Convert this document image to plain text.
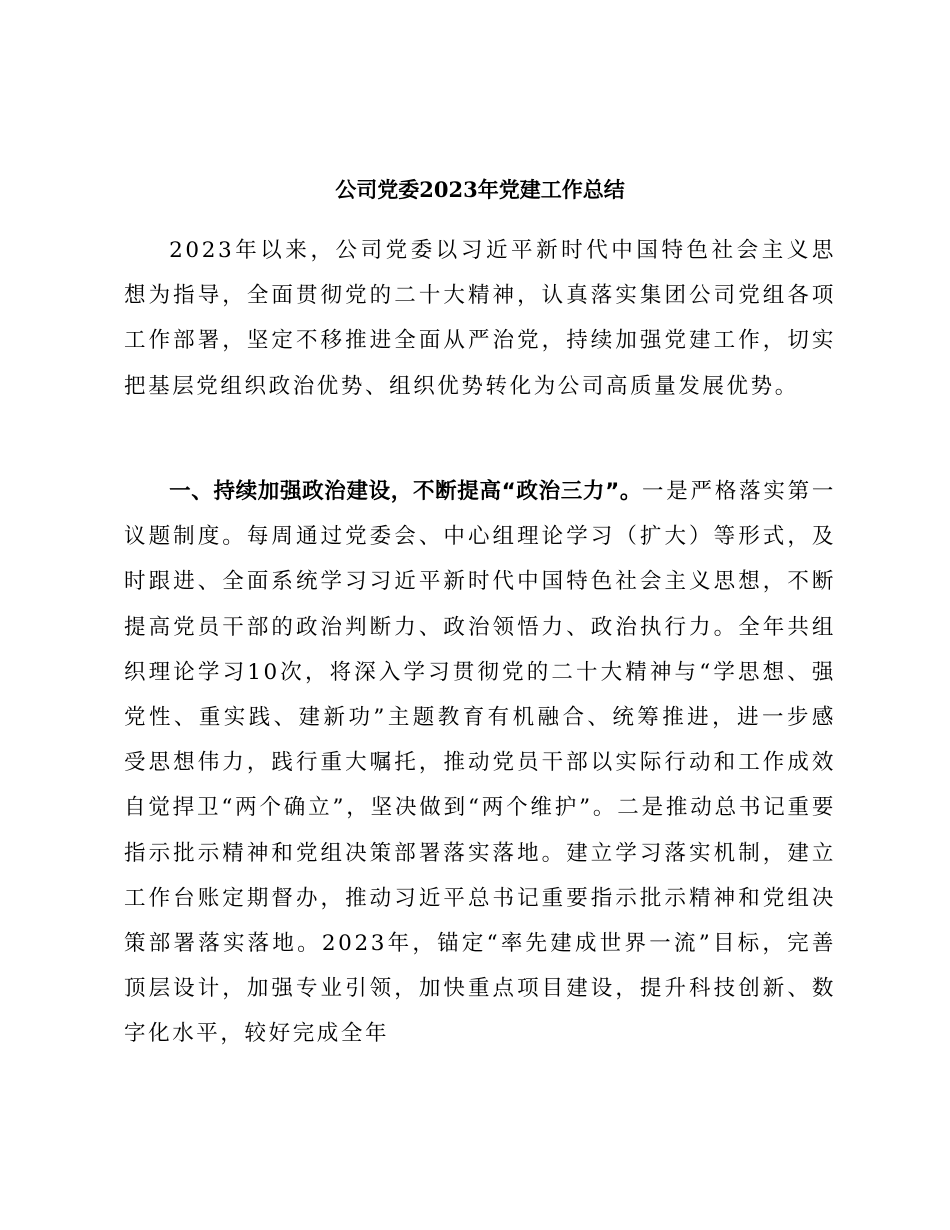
公司党委2023年党建工作总结

2023年以来，公司党委以习近平新时代中国特色社会主义思想为指导，全面贯彻党的二十大精神，认真落实集团公司党组各项工作部署，坚定不移推进全面从严治党，持续加强党建工作，切实把基层党组织政治优势、组织优势转化为公司高质量发展优势。

一、持续加强政治建设，不断提高“政治三力”。一是严格落实第一议题制度。每周通过党委会、中心组理论学习（扩大）等形式，及时跟进、全面系统学习习近平新时代中国特色社会主义思想，不断提高党员干部的政治判断力、政治领悟力、政治执行力。全年共组织理论学习10次，将深入学习贯彻党的二十大精神与“学思想、强党性、重实践、建新功”主题教育有机融合、统筹推进，进一步感受思想伟力，践行重大嘱托，推动党员干部以实际行动和工作成效自觉捍卫“两个确立”，坚决做到“两个维护”。二是推动总书记重要指示批示精神和党组决策部署落实落地。建立学习落实机制，建立工作台账定期督办，推动习近平总书记重要指示批示精神和党组决策部署落实落地。2023年，锚定“率先建成世界一流”目标，完善顶层设计，加强专业引领，加快重点项目建设，提升科技创新、数字化水平，较好完成全年
